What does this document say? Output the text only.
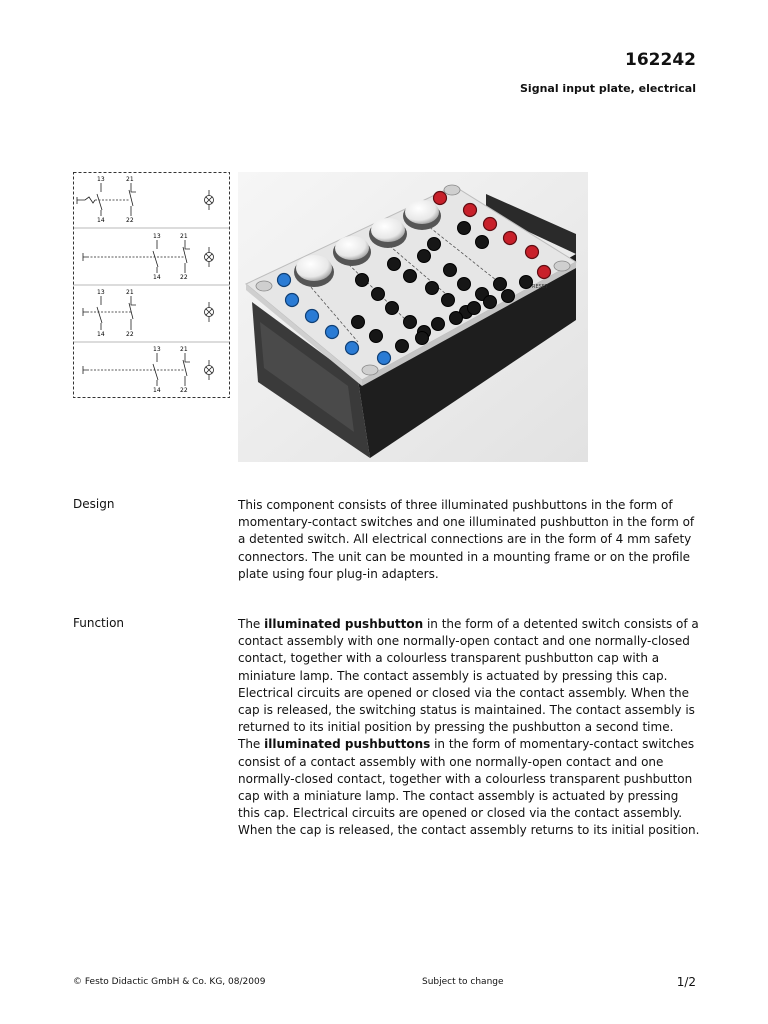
162242
Signal input plate, electrical
13	21
14	22
13	21
14	22
13	21
14	22
13	21
14	22
RESET
Design	This component consists of three illuminated pushbuttons in the form of momentary-contact switches and one illuminated pushbutton in the form of a detented switch. All electrical connections are in the form of 4 mm safety connectors. The unit can be mounted in a mounting frame or on the profile plate using four plug-in adapters.
Function	The illuminated pushbutton in the form of a detented switch consists of a contact assembly with one normally-open contact and one normally-closed contact, together with a colourless transparent pushbutton cap with a miniature lamp. The contact assembly is actuated by pressing this cap. Electrical circuits are opened or closed via the contact assembly. When the cap is released, the switching status is maintained. The contact assembly is returned to its initial position by pressing the pushbutton a second time.

The illuminated pushbuttons in the form of momentary-contact switches consist of a contact assembly with one normally-open contact and one normally-closed contact, together with a colourless transparent pushbutton cap with a miniature lamp. The contact assembly is actuated by pressing this cap. Electrical circuits are opened or closed via the contact assembly. When the cap is released, the contact assembly returns to its initial position.

© Festo Didactic GmbH & Co. KG, 08/2009	Subject to change	1/2
